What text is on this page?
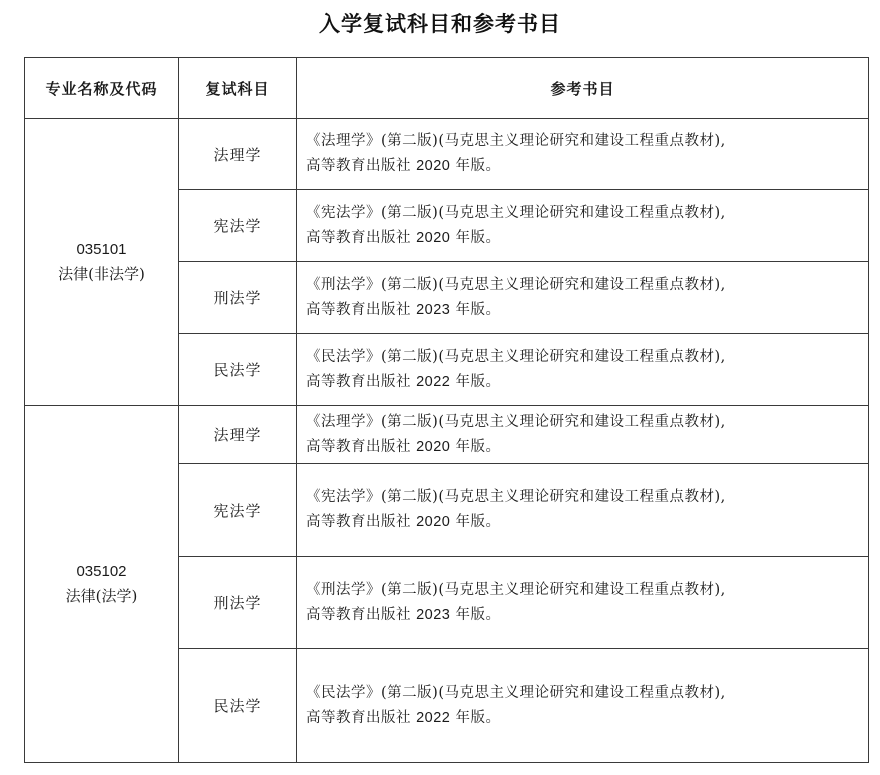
入学复试科目和参考书目
专业名称及代码	复试科目	参考书目

035101
法律(非法学)	法理学	《法理学》(第二版)(马克思主义理论研究和建设工程重点教材),
高等教育出版社 2020 年版。

	宪法学	《宪法学》(第二版)(马克思主义理论研究和建设工程重点教材),
高等教育出版社 2020 年版。

	刑法学	《刑法学》(第二版)(马克思主义理论研究和建设工程重点教材),
高等教育出版社 2023 年版。

	民法学	《民法学》(第二版)(马克思主义理论研究和建设工程重点教材),
高等教育出版社 2022 年版。

035102
法律(法学)	法理学	《法理学》(第二版)(马克思主义理论研究和建设工程重点教材),
高等教育出版社 2020 年版。

	宪法学	《宪法学》(第二版)(马克思主义理论研究和建设工程重点教材),
高等教育出版社 2020 年版。

	刑法学	《刑法学》(第二版)(马克思主义理论研究和建设工程重点教材),
高等教育出版社 2023 年版。

	民法学	《民法学》(第二版)(马克思主义理论研究和建设工程重点教材),
高等教育出版社 2022 年版。
